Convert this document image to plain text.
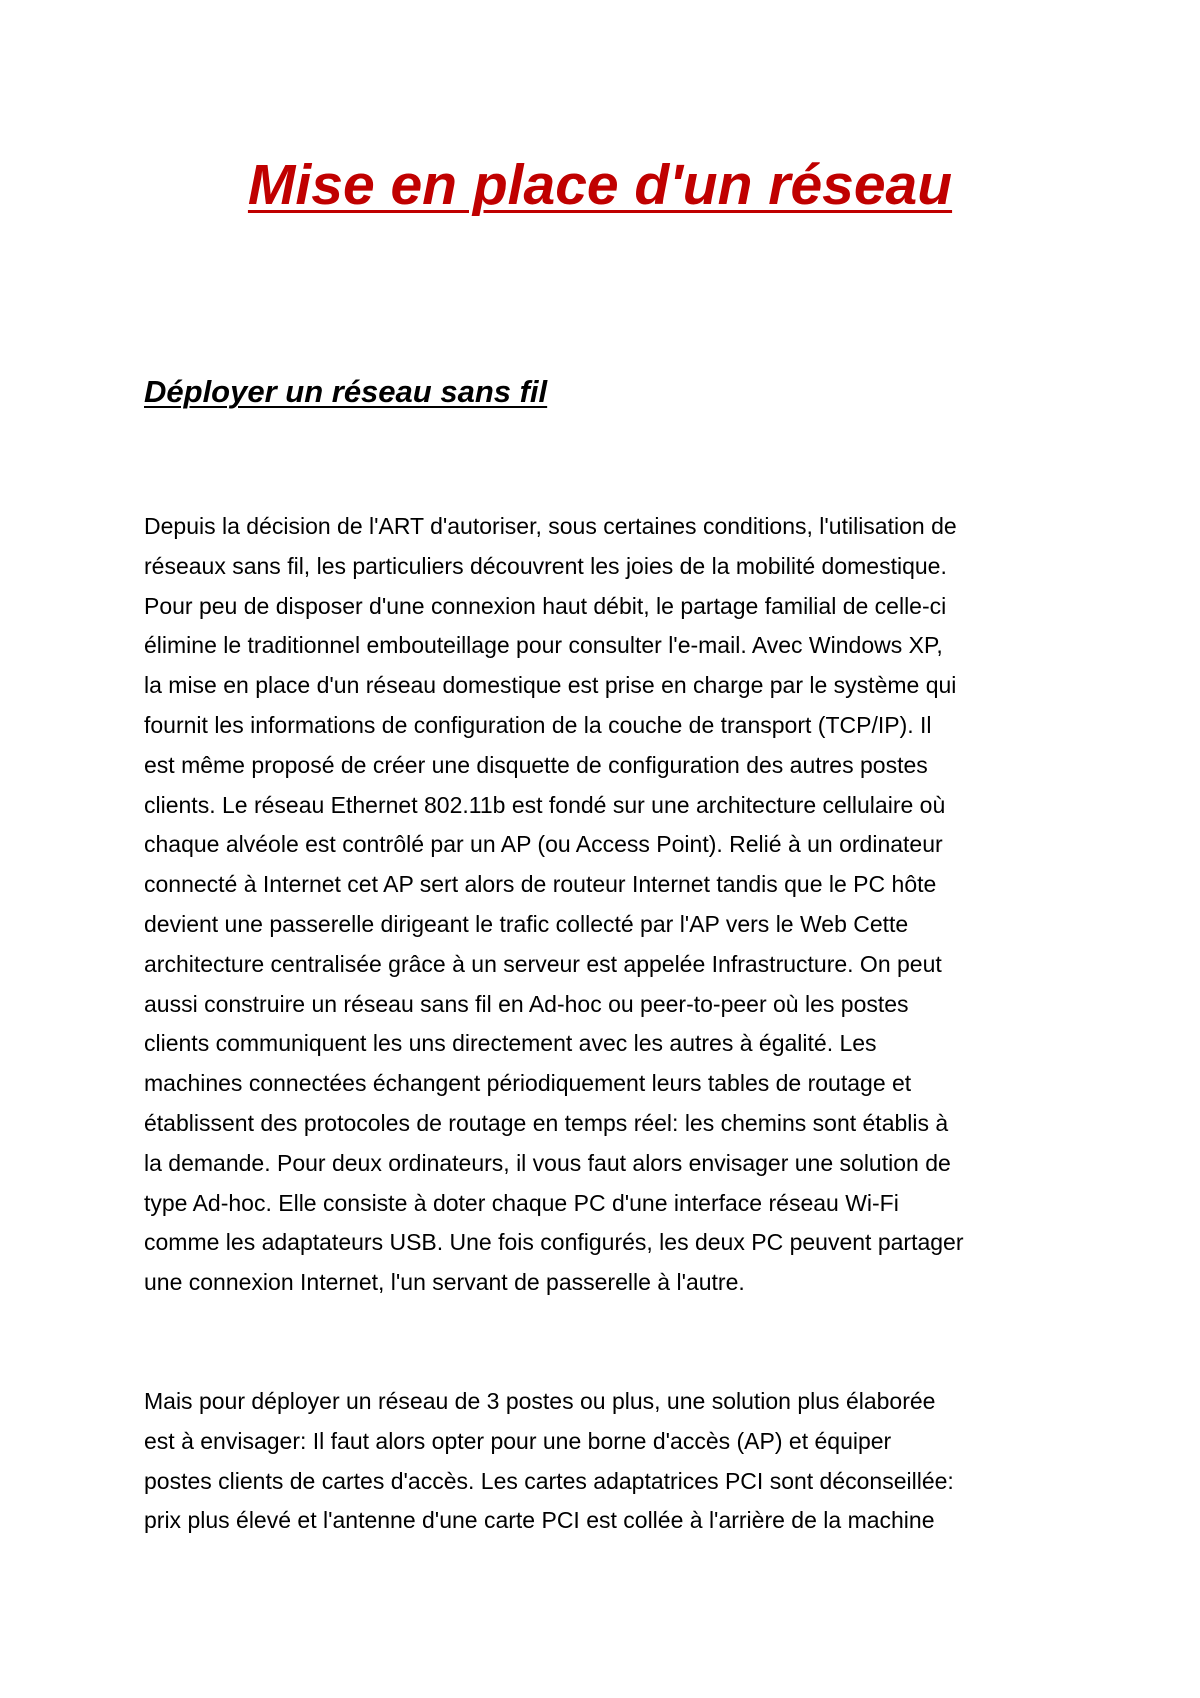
Mise en place d'un réseau
Déployer un réseau sans fil
Depuis la décision de l'ART d'autoriser, sous certaines conditions, l'utilisation de
réseaux sans fil, les particuliers découvrent les joies de la mobilité domestique.
Pour peu de disposer d'une connexion haut débit, le partage familial de celle-ci
élimine le traditionnel embouteillage pour consulter l'e-mail. Avec Windows XP,
la mise en place d'un réseau domestique est prise en charge par le système qui
fournit les informations de configuration de la couche de transport (TCP/IP). Il
est même proposé de créer une disquette de configuration des autres postes
clients. Le réseau Ethernet 802.11b est fondé sur une architecture cellulaire où
chaque alvéole est contrôlé par un AP (ou Access Point). Relié à un ordinateur
connecté à Internet cet AP sert alors de routeur Internet tandis que le PC hôte
devient une passerelle dirigeant le trafic collecté par l'AP vers le Web Cette
architecture centralisée grâce à un serveur est appelée Infrastructure. On peut
aussi construire un réseau sans fil en Ad-hoc ou peer-to-peer où les postes
clients communiquent les uns directement avec les autres à égalité. Les
machines connectées échangent périodiquement leurs tables de routage et
établissent des protocoles de routage en temps réel: les chemins sont établis à
la demande. Pour deux ordinateurs, il vous faut alors envisager une solution de
type Ad-hoc. Elle consiste à doter chaque PC d'une interface réseau Wi-Fi
comme les adaptateurs USB. Une fois configurés, les deux PC peuvent partager
une connexion Internet, l'un servant de passerelle à l'autre.
Mais pour déployer un réseau de 3 postes ou plus, une solution plus élaborée
est à envisager: Il faut alors opter pour une borne d'accès (AP) et équiper
postes clients de cartes d'accès. Les cartes adaptatrices PCI sont déconseillée:
prix plus élevé et l'antenne d'une carte PCI est collée à l'arrière de la machine
